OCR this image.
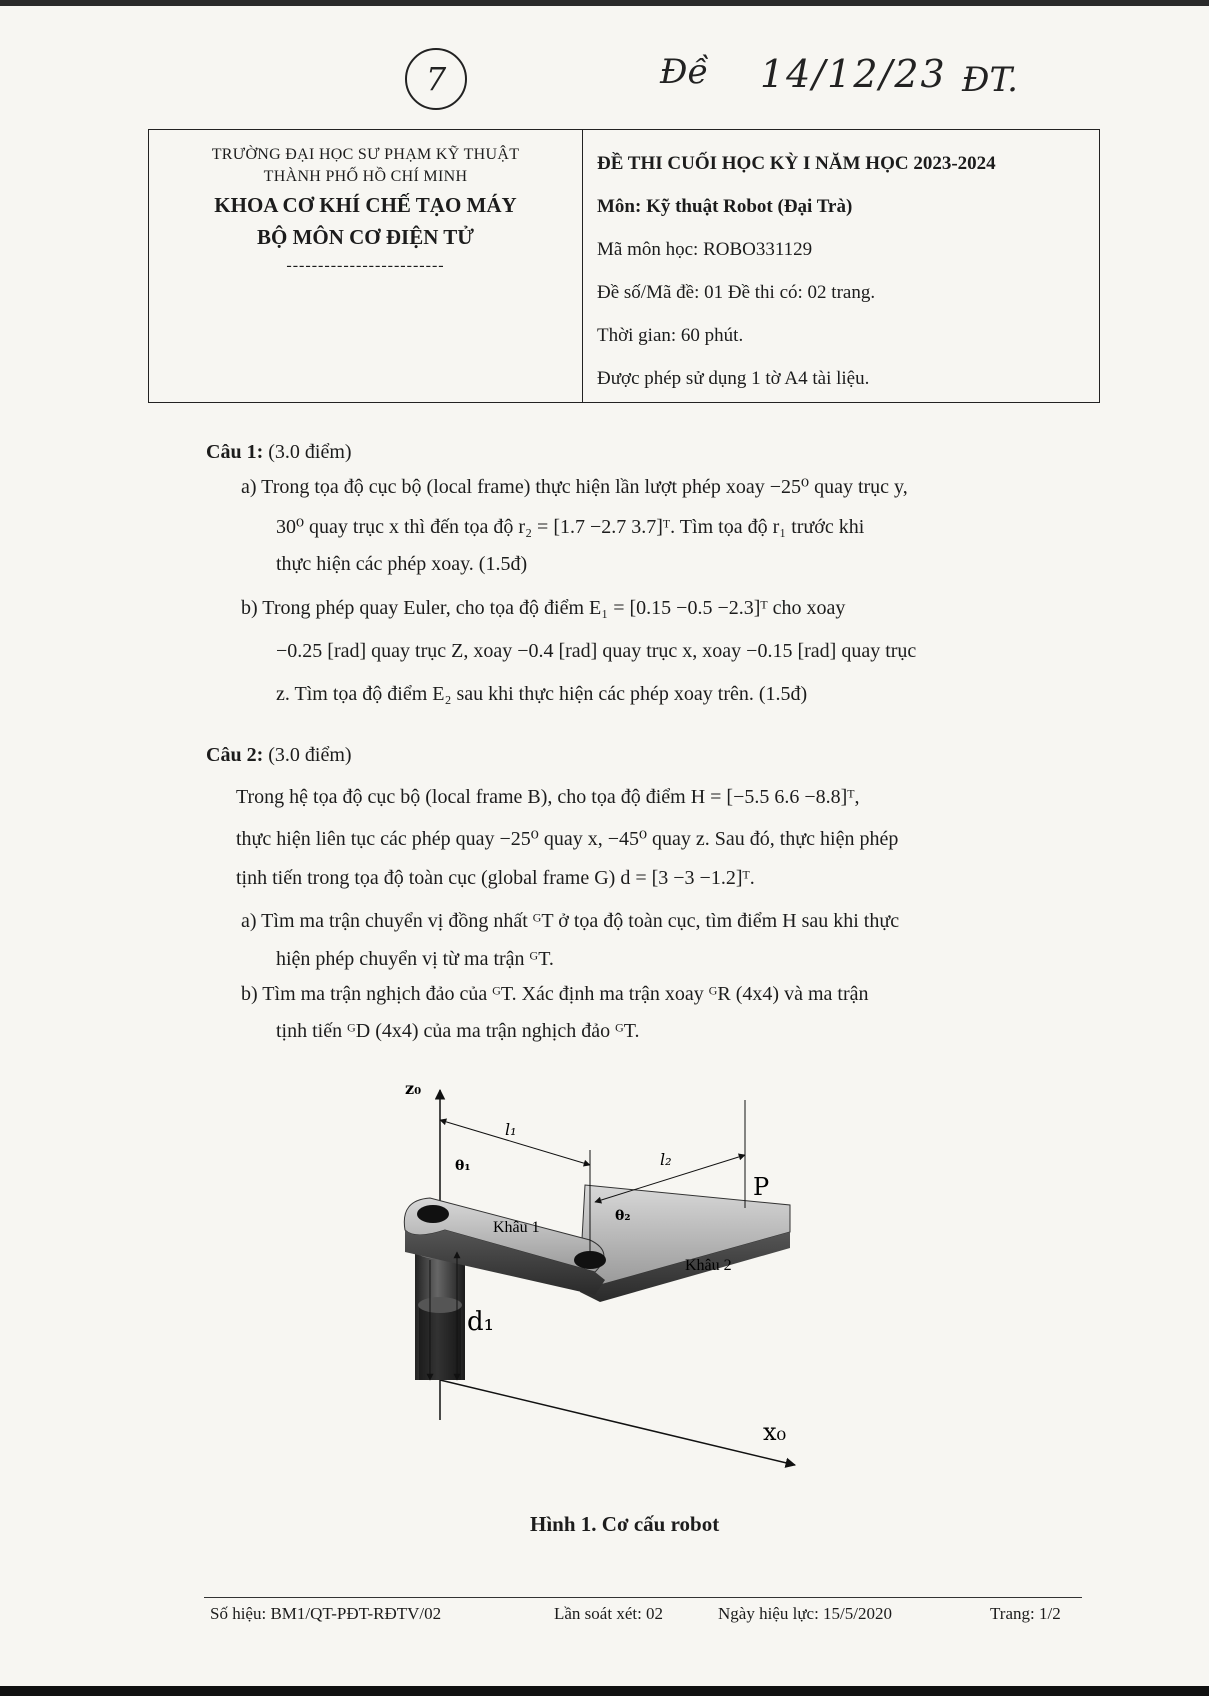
7	Đề 14/12/23 ĐT.
TRƯỜNG ĐẠI HỌC SƯ PHẠM KỸ THUẬT
THÀNH PHỐ HỒ CHÍ MINH
KHOA CƠ KHÍ CHẾ TẠO MÁY
BỘ MÔN CƠ ĐIỆN TỬ
-------------------------
ĐỀ THI CUỐI HỌC KỲ I NĂM HỌC 2023-2024
Môn: Kỹ thuật Robot (Đại Trà)
Mã môn học: ROBO331129
Đề số/Mã đề: 01 Đề thi có: 02 trang.
Thời gian: 60 phút.
Được phép sử dụng 1 tờ A4 tài liệu.
Câu 1: (3.0 điểm)
a) Trong tọa độ cục bộ (local frame) thực hiện lần lượt phép xoay −25⁰ quay trục y,
30⁰ quay trục x thì đến tọa độ r₂ = [1.7 −2.7 3.7]ᵀ. Tìm tọa độ r₁ trước khi
thực hiện các phép xoay. (1.5đ)
b) Trong phép quay Euler, cho tọa độ điểm E₁ = [0.15 −0.5 −2.3]ᵀ cho xoay
−0.25 [rad] quay trục Z, xoay −0.4 [rad] quay trục x, xoay −0.15 [rad] quay trục
z. Tìm tọa độ điểm E₂ sau khi thực hiện các phép xoay trên. (1.5đ)
Câu 2: (3.0 điểm)
Trong hệ tọa độ cục bộ (local frame B), cho tọa độ điểm H = [−5.5 6.6 −8.8]ᵀ,
thực hiện liên tục các phép quay −25⁰ quay x, −45⁰ quay z. Sau đó, thực hiện phép
tịnh tiến trong tọa độ toàn cục (global frame G) d = [3 −3 −1.2]ᵀ.
a) Tìm ma trận chuyển vị đồng nhất ᴳT ở tọa độ toàn cục, tìm điểm H sau khi thực
hiện phép chuyển vị từ ma trận ᴳT.
b) Tìm ma trận nghịch đảo của ᴳT. Xác định ma trận xoay ᴳR (4x4) và ma trận
tịnh tiến ᴳD (4x4) của ma trận nghịch đảo ᴳT.
z₀
l₁
θ₁	l₂
θ₂
P
Khâu 1
Khâu 2
d₁
x₀
Hình 1. Cơ cấu robot
Số hiệu: BM1/QT-PĐT-RĐTV/02	Lần soát xét: 02	Ngày hiệu lực: 15/5/2020	Trang: 1/2
